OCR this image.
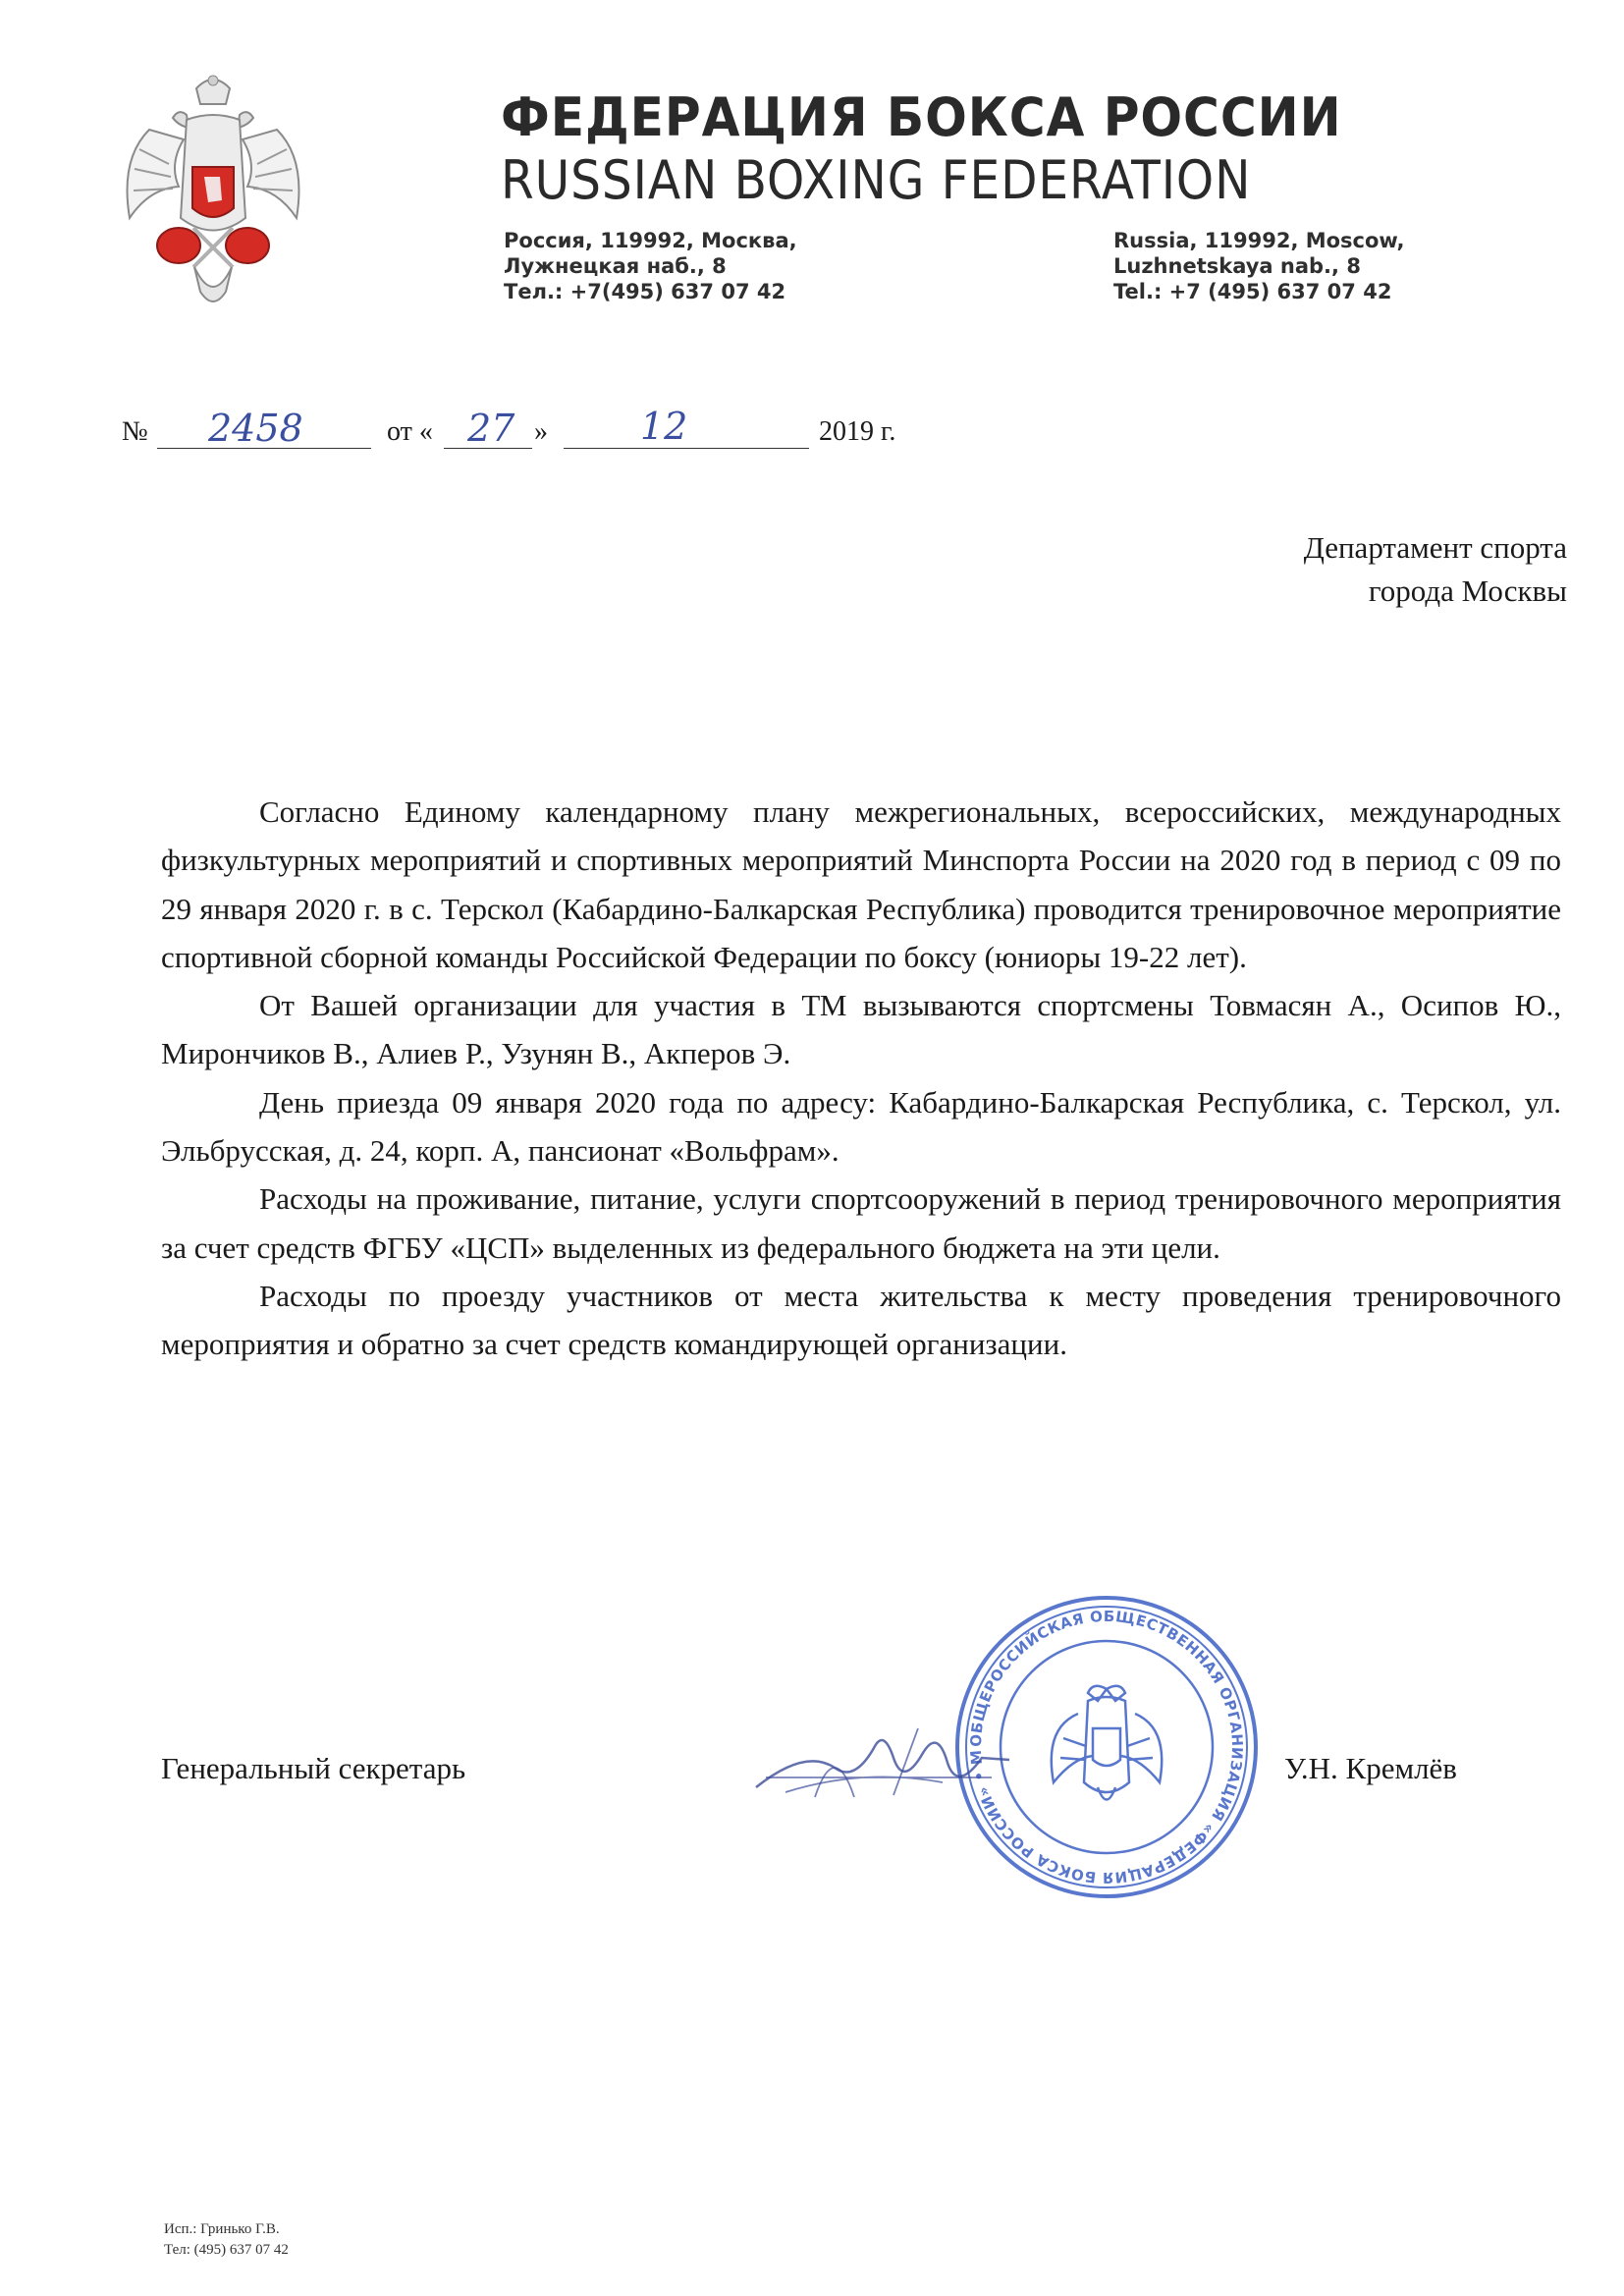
ФЕДЕРАЦИЯ БОКСА РОССИИ
RUSSIAN BOXING FEDERATION
Россия, 119992, Москва,
Лужнецкая наб., 8
Тел.: +7(495) 637 07 42
Russia, 119992, Moscow,
Luzhnetskaya nab., 8
Tel.: +7 (495) 637 07 42
№ 2458	от « 27 » 12	2019 г.
Департамент спорта
города Москвы

Согласно Единому календарному плану межрегиональных, всероссийских, международных физкультурных мероприятий и спортивных мероприятий Минспорта России на 2020 год в период с 09 по 29 января 2020 г. в с. Терскол (Кабардино-Балкарская Республика) проводится тренировочное мероприятие спортивной сборной команды Российской Федерации по боксу (юниоры 19-22 лет).

От Вашей организации для участия в ТМ вызываются спортсмены Товмасян А., Осипов Ю., Мирончиков В., Алиев Р., Узунян В., Акперов Э.

День приезда 09 января 2020 года по адресу: Кабардино-Балкарская Республика, с. Терскол, ул. Эльбрусская, д. 24, корп. А, пансионат «Вольфрам».

Расходы на проживание, питание, услуги спортсооружений в период тренировочного мероприятия за счет средств ФГБУ «ЦСП» выделенных из федерального бюджета на эти цели.

Расходы по проезду участников от места жительства к месту проведения тренировочного мероприятия и обратно за счет средств командирующей организации.

Генеральный секретарь
ОБЩЕРОССИЙСКАЯ ОБЩЕСТВЕННАЯ ОРГАНИЗАЦИЯ «ФЕДЕРАЦИЯ БОКСА РОССИИ» • М	У.Н. Кремлёв
Исп.: Гринько Г.В.
Тел: (495) 637 07 42
